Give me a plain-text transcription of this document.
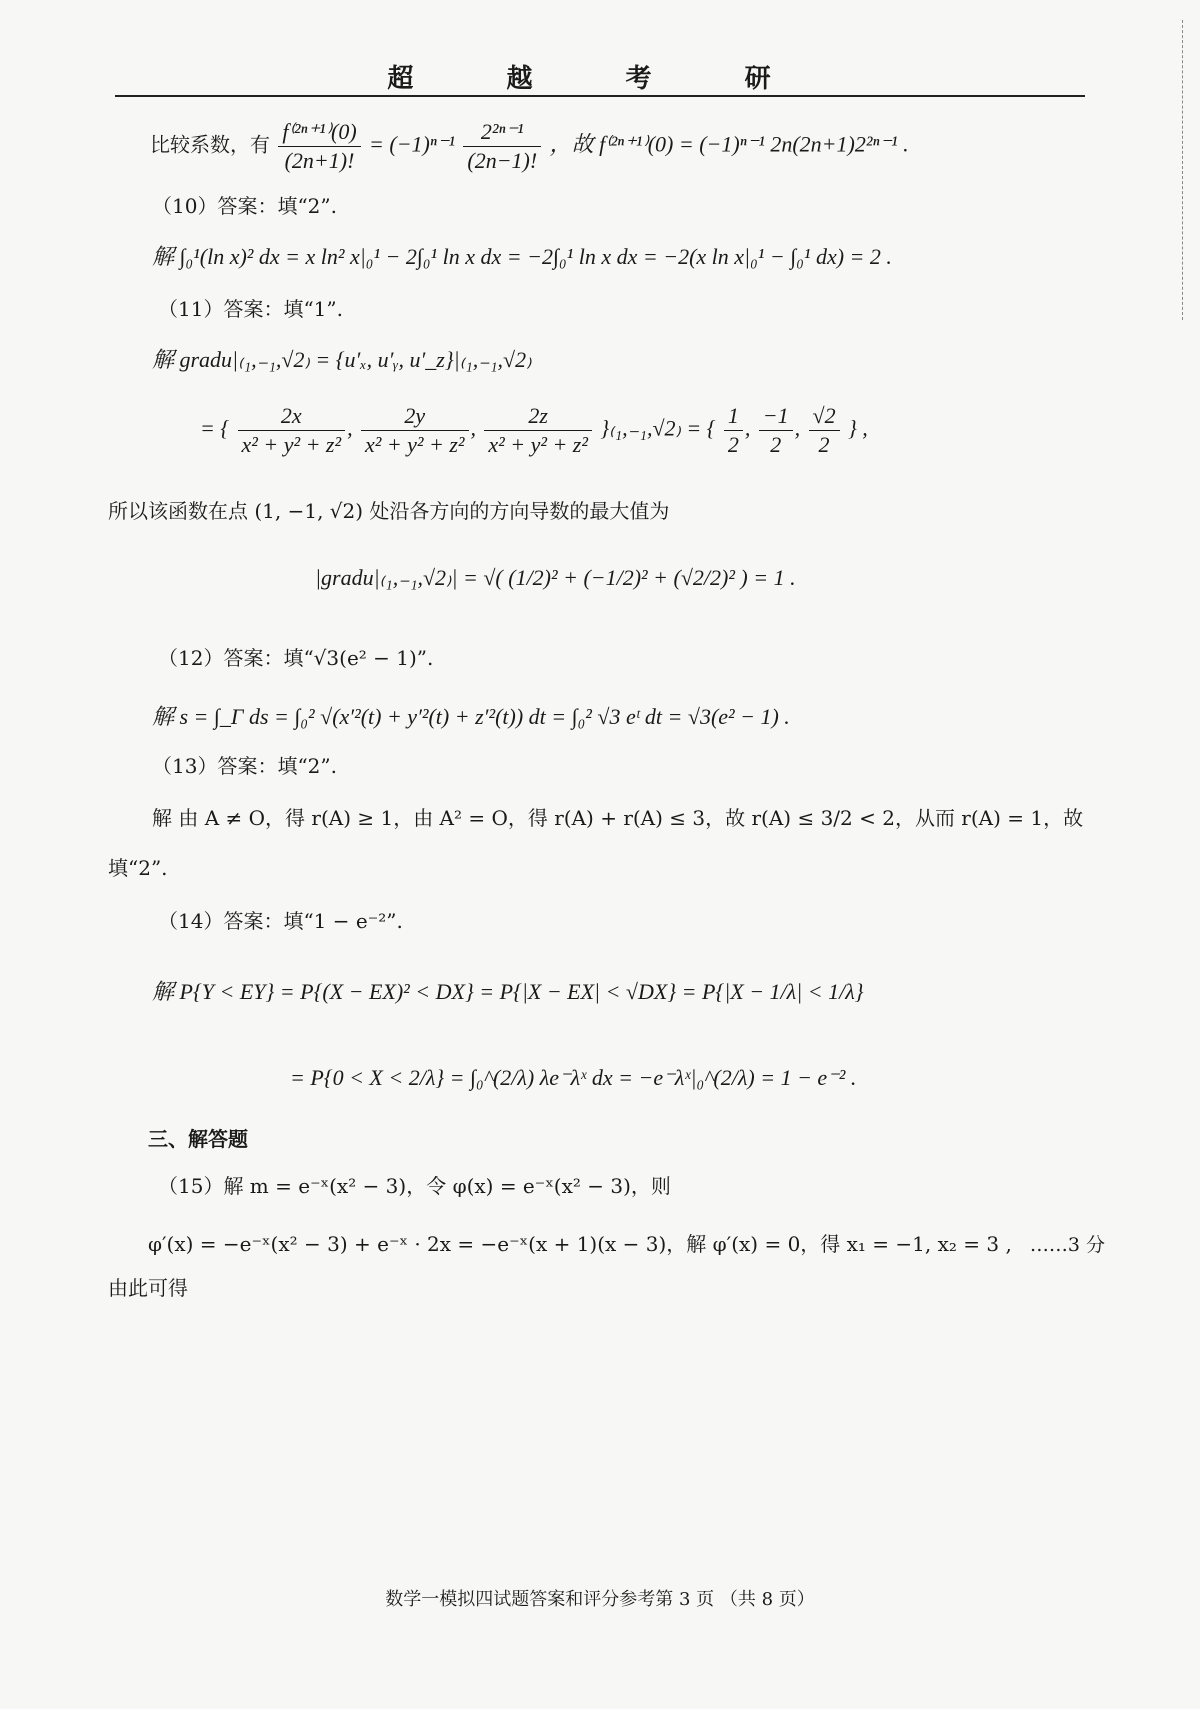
超 越 考 研
比较系数，有 $\frac{\text{f⁽²ⁿ⁺¹⁾(0)}}{(2n+1)!} = (-1)^{n-1} \frac{\text{2²ⁿ⁻¹}}{(2n-1)!}$ ，故 f⁽²ⁿ⁺¹⁾(0) = (−1)ⁿ⁻¹ 2n(2n+1)2²ⁿ⁻¹ .
（10）答案：填“2”.
解 ∫₀¹(ln x)² dx = x ln² x|₀¹ − 2∫₀¹ ln x dx = −2∫₀¹ ln x dx = −2(x ln x|₀¹ − ∫₀¹ dx) = 2 .
（11）答案：填“1”.
解 gradu|₍₁,₋₁,√2₎ = {u′ₓ, u′ᵧ, u′_z}|₍₁,₋₁,√2₎
= { $\frac{2x}{\text{x² + y² + z²}}$ , $\frac{2y}{\text{x² + y² + z²}}$ , $\frac{2z}{\text{x² + y² + z²}} \}_{(1},_{-1},√2_)$ = { $\frac{1}{2}$ , $\frac{-1}{2}$ , $\frac{√2}{2}$ } ,
所以该函数在点 (1, −1, √2) 处沿各方向的方向导数的最大值为
|gradu|₍₁,₋₁,√2₎| = √( (1/2)² + (−1/2)² + (√2/2)² ) = 1 .
（12）答案：填“√3(e² − 1)”.
解 s = ∫_Γ ds = ∫₀² √(x′²(t) + y′²(t) + z′²(t)) dt = ∫₀² √3 eᵗ dt = √3(e² − 1) .
（13）答案：填“2”.
解 由 A ≠ O，得 r(A) ≥ 1，由 A² = O，得 r(A) + r(A) ≤ 3，故 r(A) ≤ 3/2 < 2，从而 r(A) = 1，故
填“2”.
（14）答案：填“1 − e⁻²”.
解 P{Y < EY} = P{(X − EX)² < DX} = P{|X − EX| < √DX} = P{|X − 1/λ| < 1/λ}
= P{0 < X < 2/λ} = ∫₀^(2/λ) λe⁻λˣ dx = −e⁻λˣ|₀^(2/λ) = 1 − e⁻² .
三、解答题
（15）解 m = e⁻ˣ(x² − 3)，令 φ(x) = e⁻ˣ(x² − 3)，则
φ′(x) = −e⁻ˣ(x² − 3) + e⁻ˣ · 2x = −e⁻ˣ(x + 1)(x − 3)，解 φ′(x) = 0，得 x₁ = −1, x₂ = 3 , ……3 分
由此可得
数学一模拟四试题答案和评分参考第 3 页 （共 8 页）
